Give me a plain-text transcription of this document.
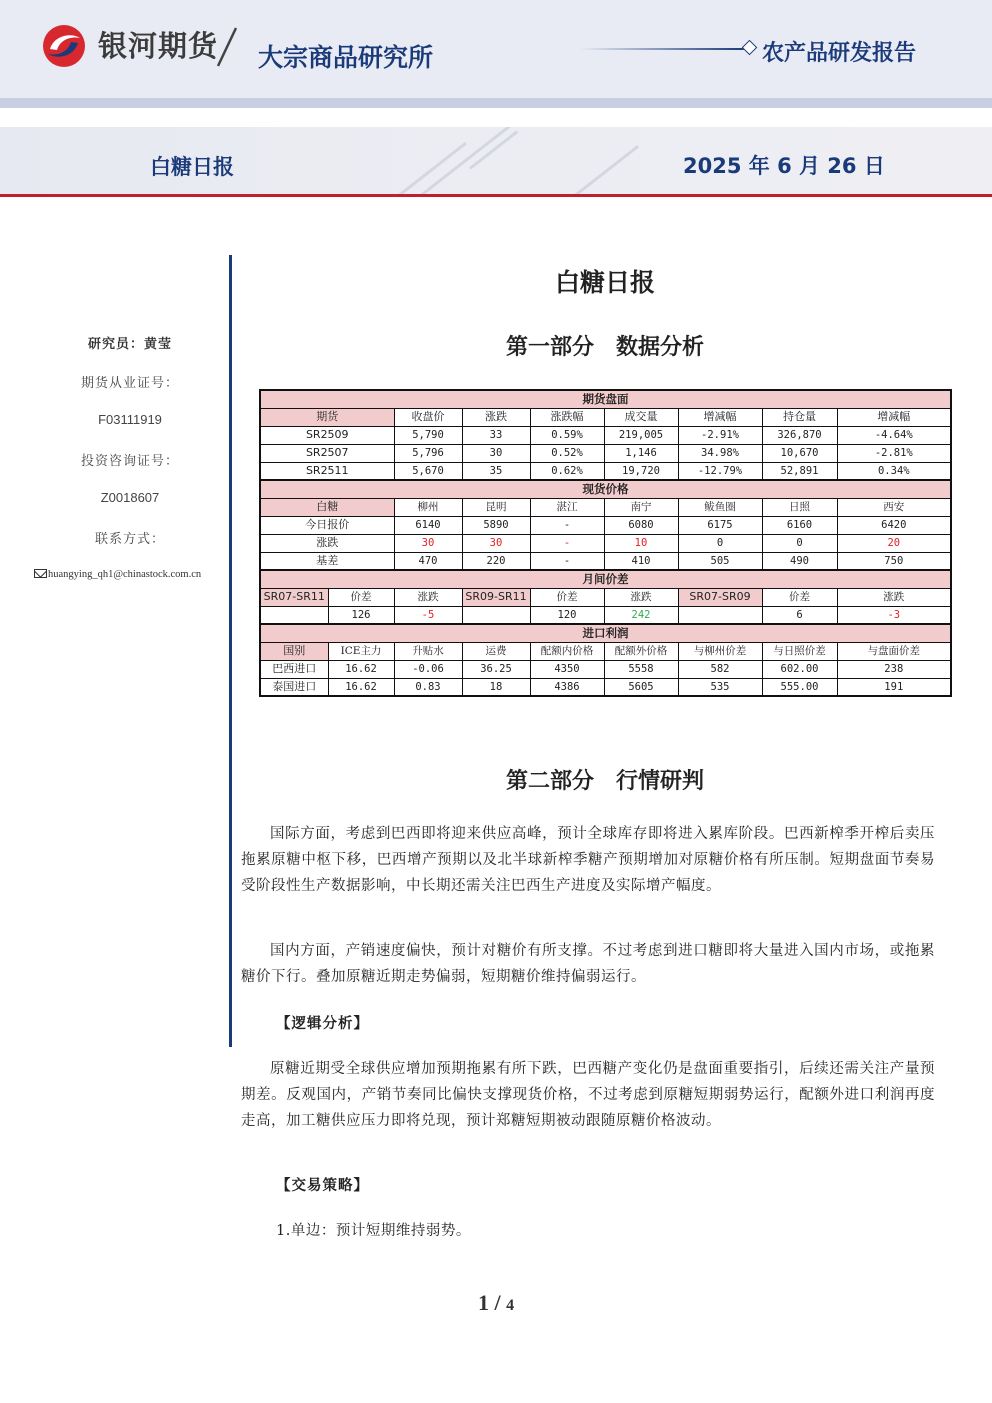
银河期货 大宗商品研究所	农产品研发报告
白糖日报	2025 年 6 月 26 日
研究员：黄莹
期货从业证号：
F03111919
投资咨询证号：
Z0018607
联系方式：
huangying_qh1@chinastock.com.cn
白糖日报
第一部分　数据分析
期货盘面								
期货		收盘价	涨跌	涨跌幅	成交量	增减幅	持仓量	增减幅
SR2509		5,790	33	0.59%	219,005	-2.91%	326,870	-4.64%
SR2507		5,796	30	0.52%	1,146	34.98%	10,670	-2.81%
SR2511		5,670	35	0.62%	19,720	-12.79%	52,891	0.34%
现货价格								
白糖		柳州	昆明	湛江	南宁	鲅鱼圈	日照	西安
今日报价		6140	5890	-	6080	6175	6160	6420
涨跌		30	30	-	10	0	0	20
基差		470	220	-	410	505	490	750
月间价差								
SR07-SR11	价差	涨跌	SR09-SR11	价差	涨跌	SR07-SR09	价差	涨跌
	126	-5		120	242		6	-3
进口利润								
国别	ICE主力	升贴水	运费	配额内价格	配额外价格	与柳州价差	与日照价差	与盘面价差
巴西进口	16.62	-0.06	36.25	4350	5558	582	602.00	238
泰国进口	16.62	0.83	18	4386	5605	535	555.00	191
第二部分　行情研判

国际方面，考虑到巴西即将迎来供应高峰，预计全球库存即将进入累库阶段。巴西新榨季开榨后卖压拖累原糖中枢下移，巴西增产预期以及北半球新榨季糖产预期增加对原糖价格有所压制。短期盘面节奏易受阶段性生产数据影响，中长期还需关注巴西生产进度及实际增产幅度。

国内方面，产销速度偏快，预计对糖价有所支撑。不过考虑到进口糖即将大量进入国内市场，或拖累糖价下行。叠加原糖近期走势偏弱，短期糖价维持偏弱运行。

【逻辑分析】

原糖近期受全球供应增加预期拖累有所下跌，巴西糖产变化仍是盘面重要指引，后续还需关注产量预期差。反观国内，产销节奏同比偏快支撑现货价格，不过考虑到原糖短期弱势运行，配额外进口利润再度走高，加工糖供应压力即将兑现，预计郑糖短期被动跟随原糖价格波动。

【交易策略】
1.单边：预计短期维持弱势。
1 / 4
